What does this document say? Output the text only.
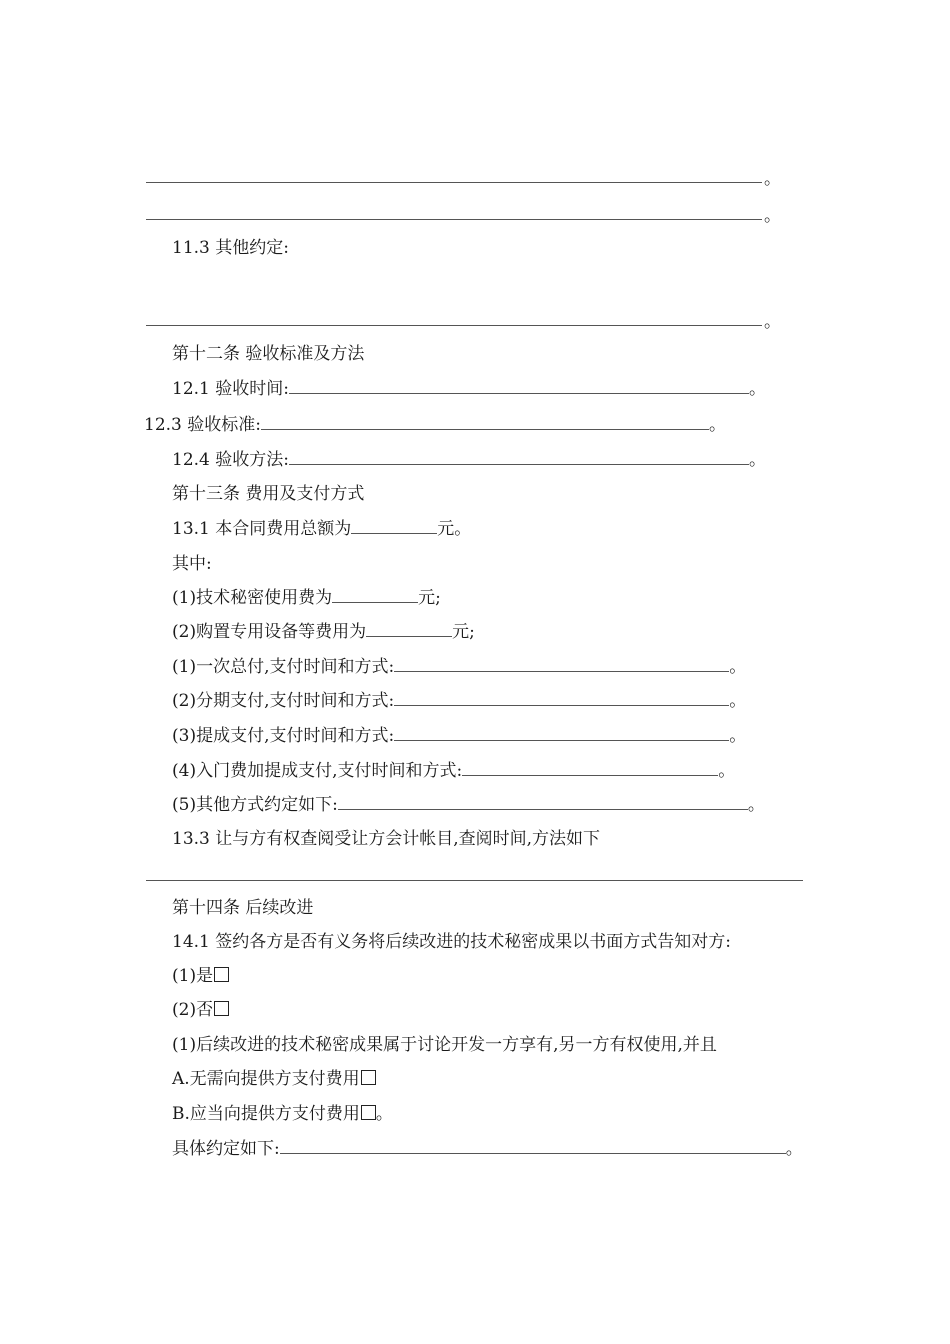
。
。
11.3 其他约定:
。
第十二条 验收标准及方法
12.1 验收时间:	。
12.3 验收标准:	。
12.4 验收方法:	。
第十三条 费用及支付方式
13.1 本合同费用总额为	元。
其中:
(1)技术秘密使用费为	元;
(2)购置专用设备等费用为	元;
(1)一次总付,支付时间和方式:	。
(2)分期支付,支付时间和方式:	。
(3)提成支付,支付时间和方式:	。
(4)入门费加提成支付,支付时间和方式:	。
(5)其他方式约定如下:	。
13.3 让与方有权查阅受让方会计帐目,查阅时间,方法如下
第十四条 后续改进
14.1 签约各方是否有义务将后续改进的技术秘密成果以书面方式告知对方:
(1)是
(2)否
(1)后续改进的技术秘密成果属于讨论开发一方享有,另一方有权使用,并且
A.无需向提供方支付费用
B.应当向提供方支付费用 。
具体约定如下:	。
